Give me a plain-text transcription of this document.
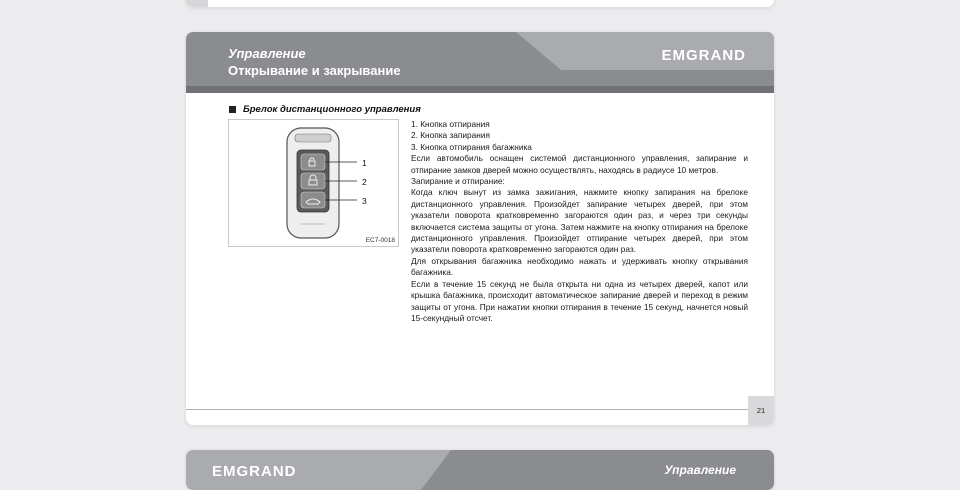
Управление
Открывание и закрывание
EMGRAND
Брелок дистанционного управления
1
2
3
EC7-0018

1. Кнопка отпирания

2. Кнопка запирания

3. Кнопка отпирания багажника

Если автомобиль оснащен системой дистанционного управления, запирание и отпирание замков дверей можно осуществлять, находясь в радиусе 10 метров.

Запирание и отпирание:

Когда ключ вынут из замка зажигания, нажмите кнопку запирания на брелоке дистанционного управления. Произойдет запирание четырех дверей, при этом указатели поворота кратковременно загораются один раз, и через три секунды включается система защиты от угона. Затем нажмите на кнопку отпирания на брелоке дистанционного управления. Произойдет отпирание четырех дверей, при этом указатели поворота кратковременно загораются один раз.

Для открывания багажника необходимо нажать и удерживать кнопку открывания багажника.

Если в течение 15 секунд не была открыта ни одна из четырех дверей, капот или крышка багажника, происходит автоматическое запирание дверей и переход в режим защиты от угона. При нажатии кнопки отпирания в течение 15 секунд, начнется новый 15-секундный отсчет.

21
EMGRAND	Управление
